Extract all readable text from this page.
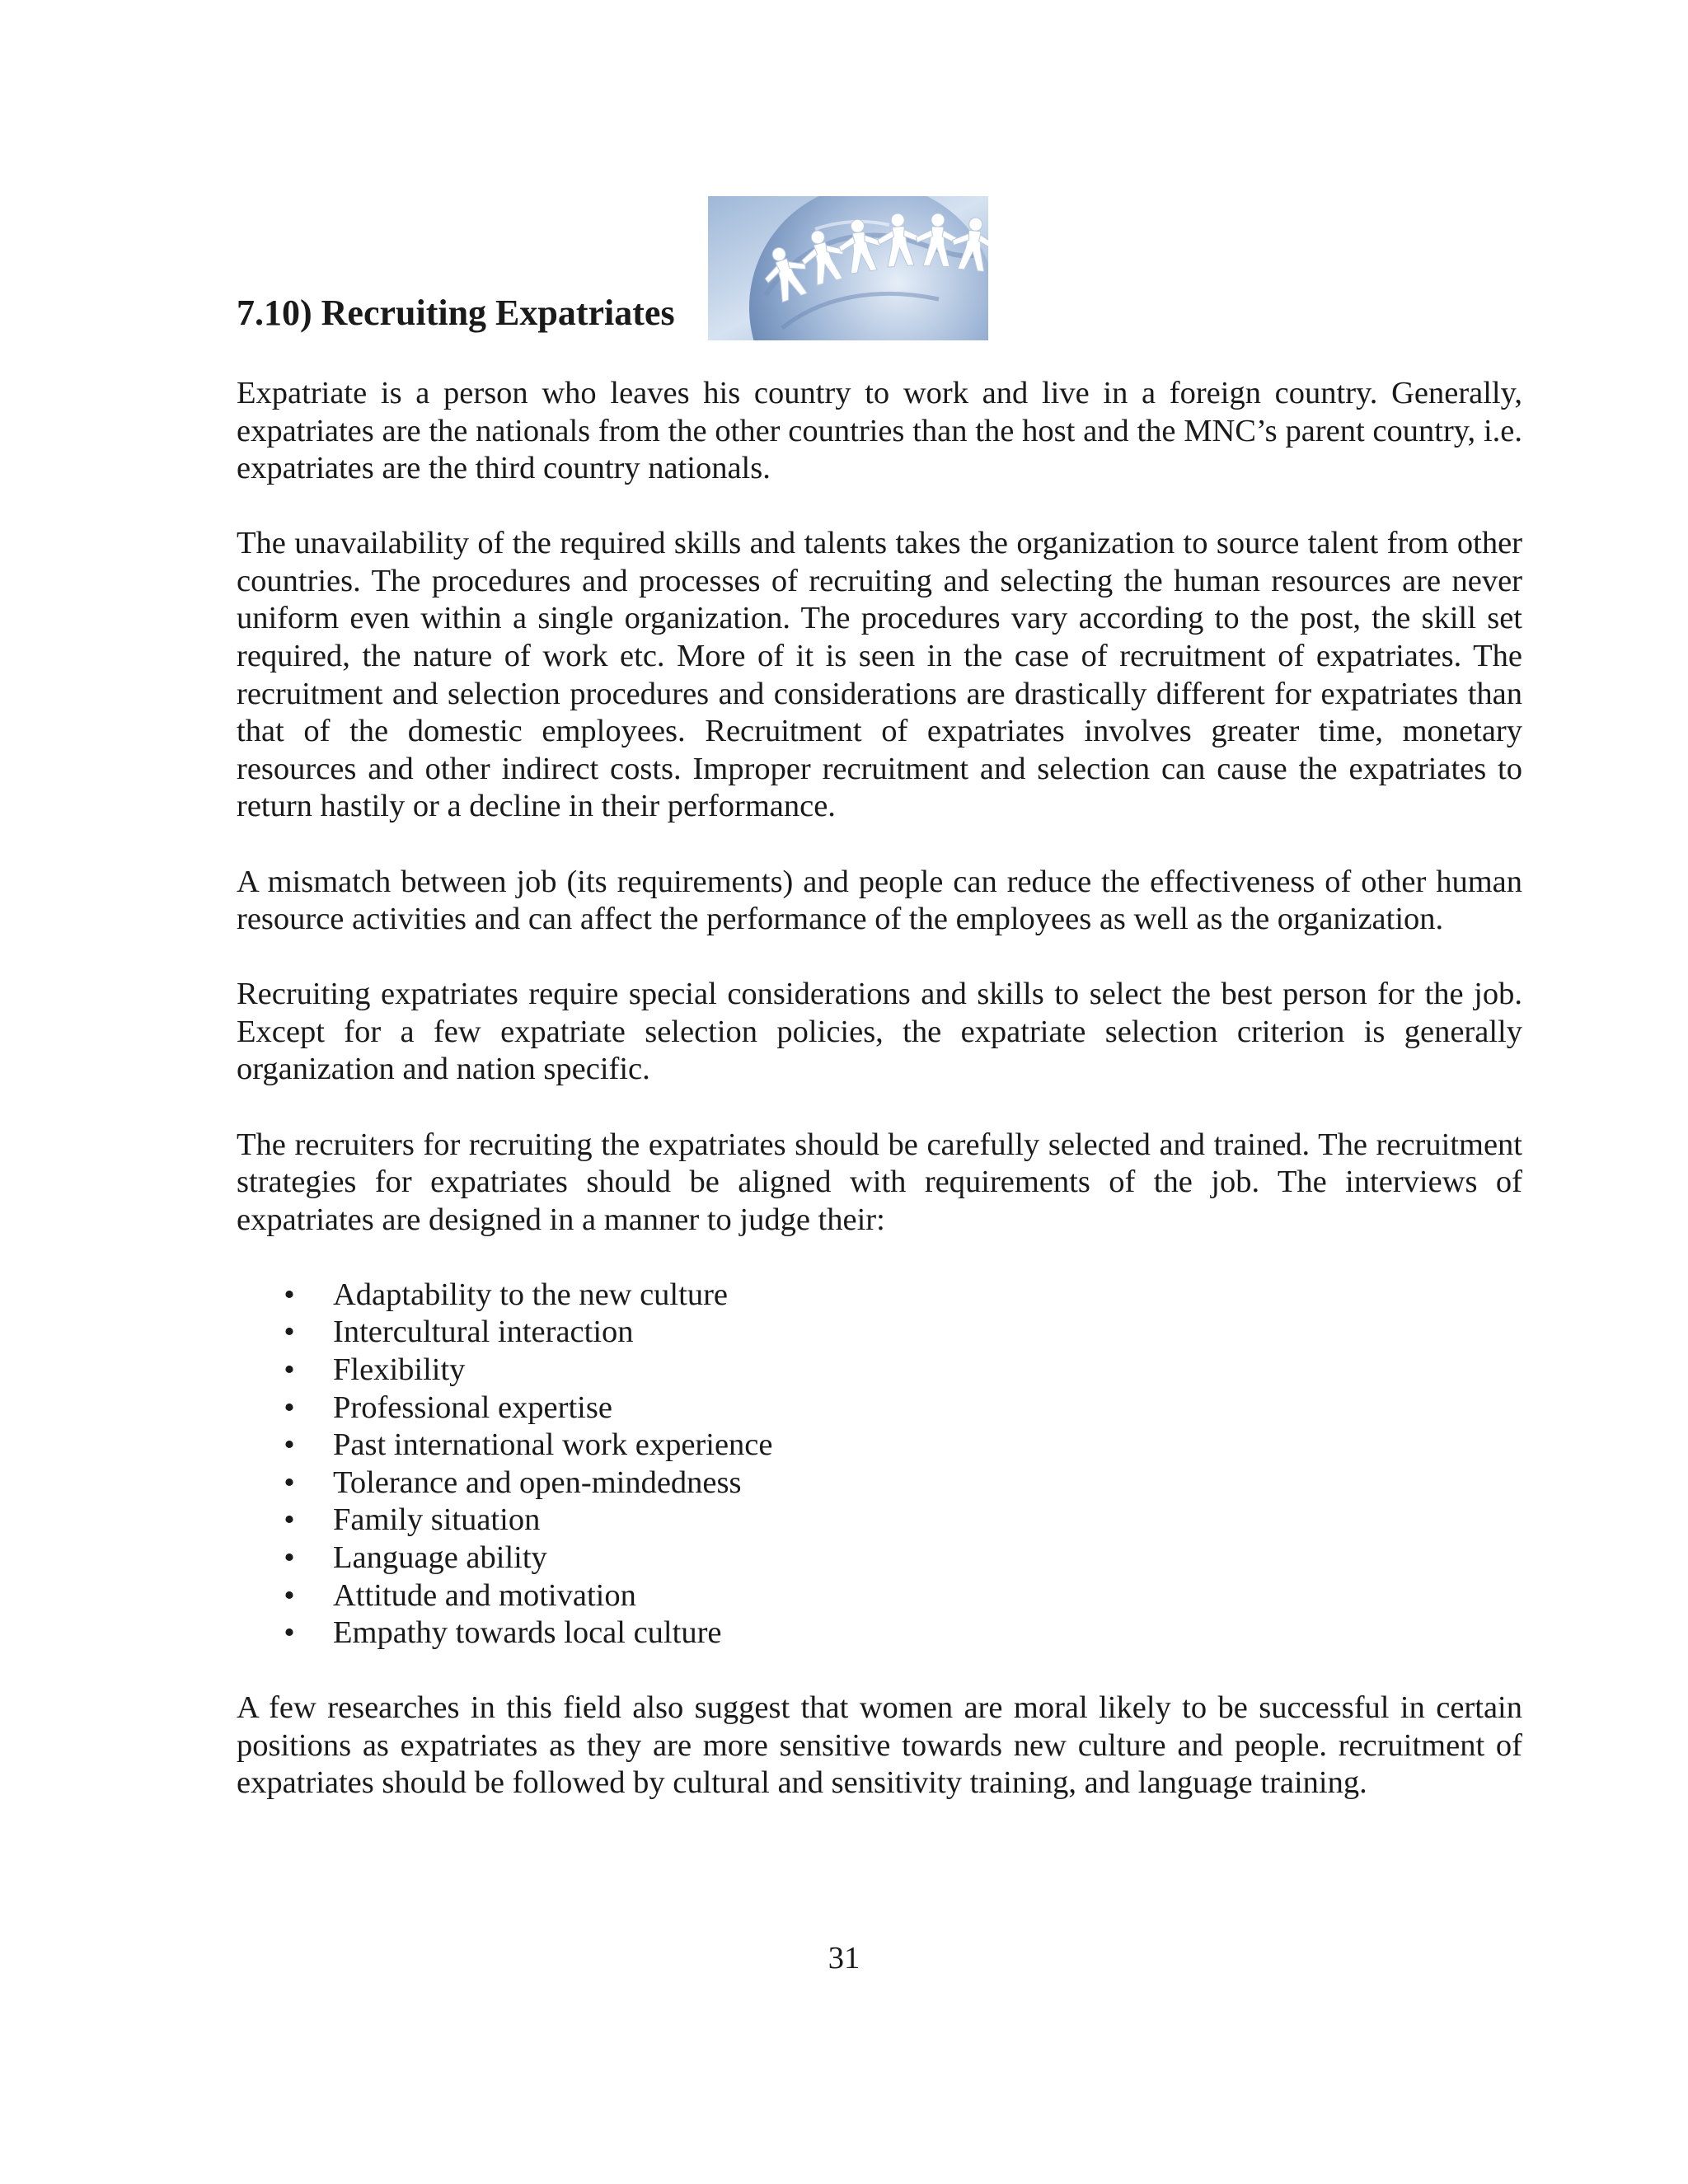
7.10) Recruiting Expatriates

Expatriate is a person who leaves his country to work and live in a foreign country. Generally, expatriates are the nationals from the other countries than the host and the MNC’s parent country, i.e. expatriates are the third country nationals.

The unavailability of the required skills and talents takes the organization to source talent from other countries. The procedures and processes of recruiting and selecting the human resources are never uniform even within a single organization. The procedures vary according to the post, the skill set required, the nature of work etc. More of it is seen in the case of recruitment of expatriates. The recruitment and selection procedures and considerations are drastically different for expatriates than that of the domestic employees. Recruitment of expatriates involves greater time, monetary resources and other indirect costs. Improper recruitment and selection can cause the expatriates to return hastily or a decline in their performance.

A mismatch between job (its requirements) and people can reduce the effectiveness of other human resource activities and can affect the performance of the employees as well as the organization.

Recruiting expatriates require special considerations and skills to select the best person for the job. Except for a few expatriate selection policies, the expatriate selection criterion is generally organization and nation specific.

The recruiters for recruiting the expatriates should be carefully selected and trained. The recruitment strategies for expatriates should be aligned with requirements of the job. The interviews of expatriates are designed in a manner to judge their:

• Adaptability to the new culture
• Intercultural interaction
• Flexibility
• Professional expertise
• Past international work experience
• Tolerance and open-mindedness
• Family situation
• Language ability
• Attitude and motivation
• Empathy towards local culture

A few researches in this field also suggest that women are moral likely to be successful in certain positions as expatriates as they are more sensitive towards new culture and people. recruitment of expatriates should be followed by cultural and sensitivity training, and language training.

31
